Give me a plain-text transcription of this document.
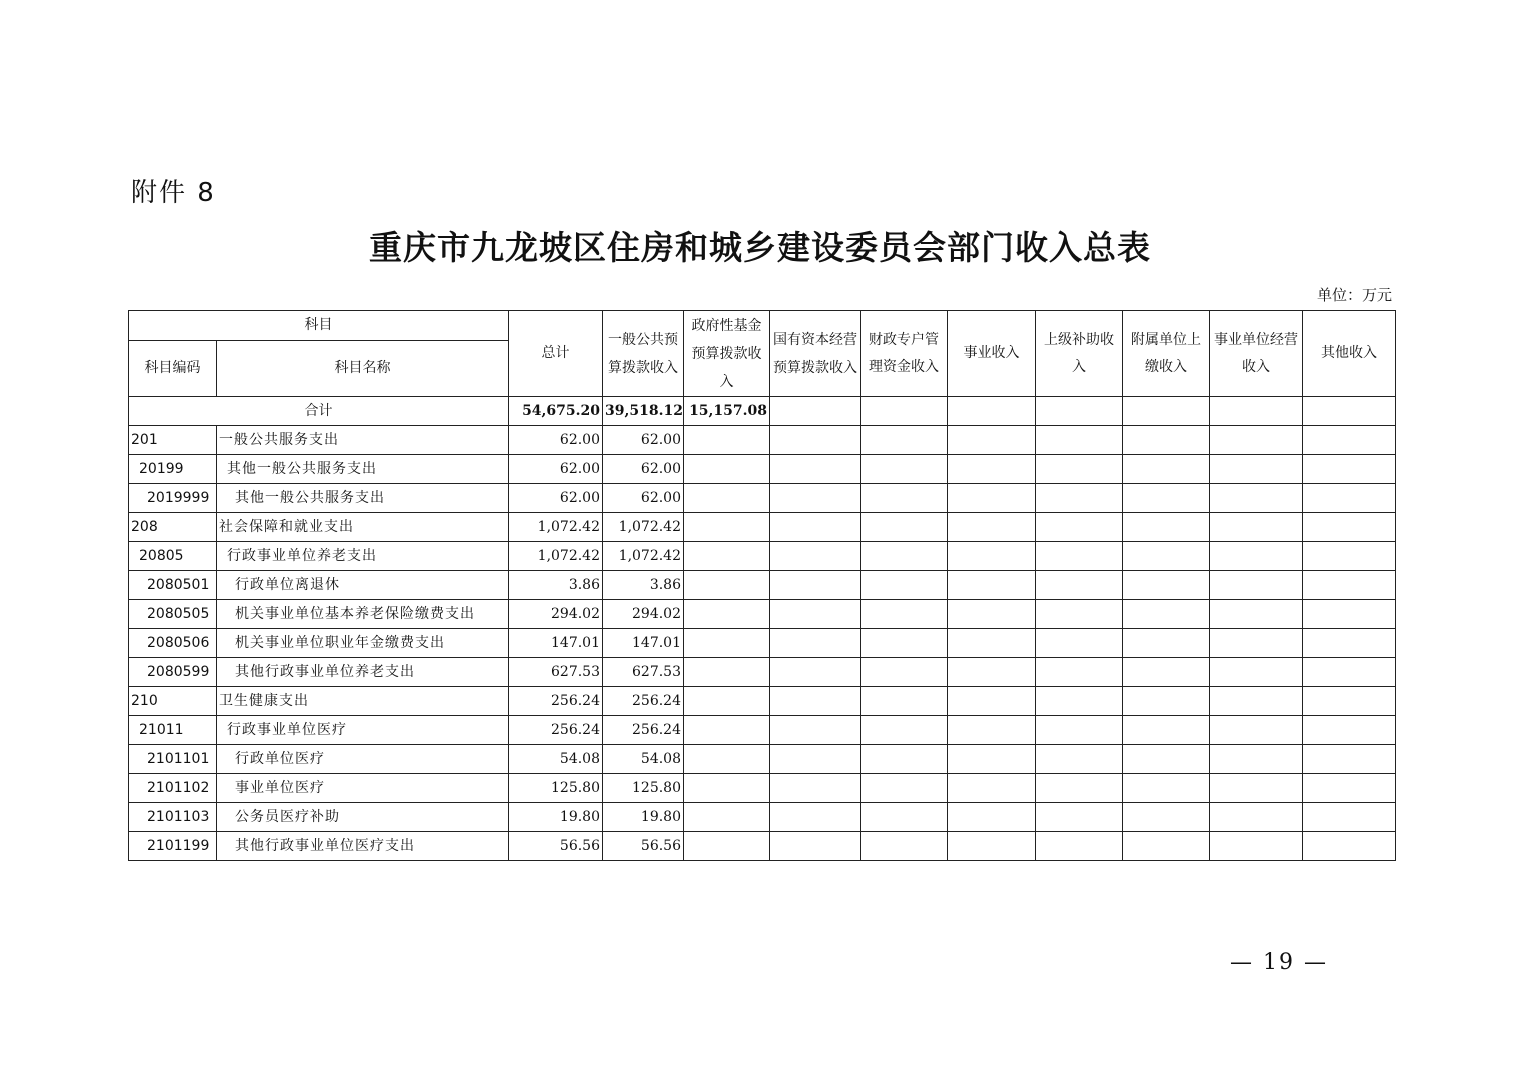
附件 8
重庆市九龙坡区住房和城乡建设委员会部门收入总表
单位：万元
科目		总计	一般公共预算拨款收入	政府性基金预算拨款收入	国有资本经营预算拨款收入	财政专户管理资金收入	事业收入	上级补助收入	附属单位上缴收入	事业单位经营收入	其他收入
科目编码	科目名称										
合计		54,675.20	39,518.12	15,157.08							
201	一般公共服务支出	62.00	62.00								
20199	其他一般公共服务支出	62.00	62.00								
2019999	其他一般公共服务支出	62.00	62.00								
208	社会保障和就业支出	1,072.42	1,072.42								
20805	行政事业单位养老支出	1,072.42	1,072.42								
2080501	行政单位离退休	3.86	3.86								
2080505	机关事业单位基本养老保险缴费支出	294.02	294.02								
2080506	机关事业单位职业年金缴费支出	147.01	147.01								
2080599	其他行政事业单位养老支出	627.53	627.53								
210	卫生健康支出	256.24	256.24								
21011	行政事业单位医疗	256.24	256.24								
2101101	行政单位医疗	54.08	54.08								
2101102	事业单位医疗	125.80	125.80								
2101103	公务员医疗补助	19.80	19.80								
2101199	其他行政事业单位医疗支出	56.56	56.56								
— 19 —
